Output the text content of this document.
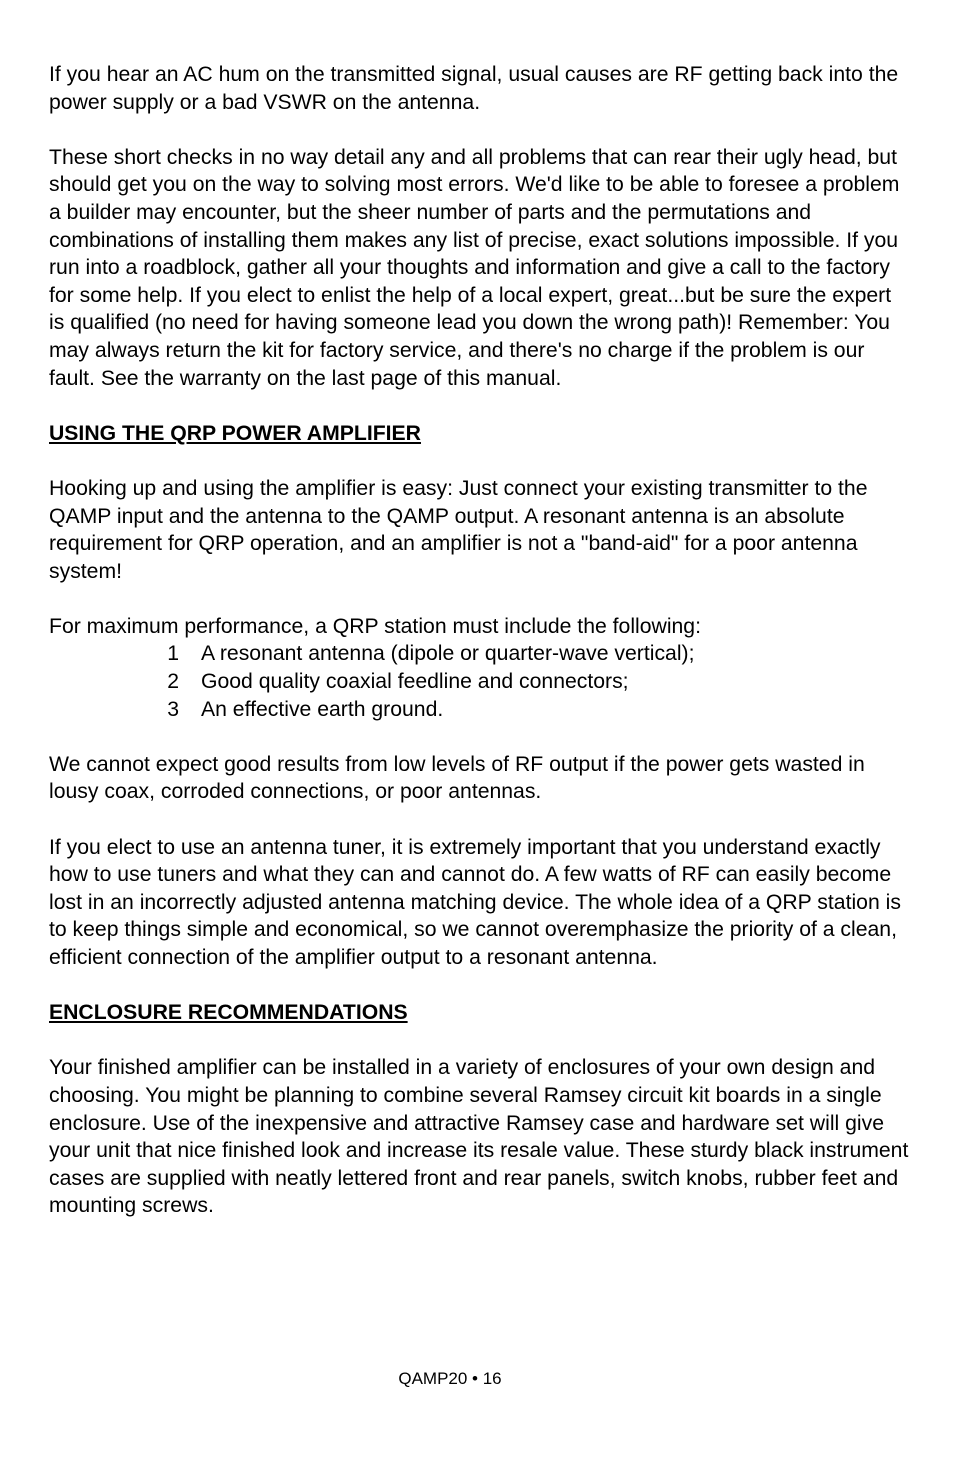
If you hear an AC hum on the transmitted signal, usual causes are RF getting back into the power supply or a bad VSWR on the antenna.

These short checks in no way detail any and all problems that can rear their ugly head, but should get you on the way to solving most errors. We'd like to be able to foresee a problem a builder may encounter, but the sheer number of parts and the permutations and combinations of installing them makes any list of precise, exact solutions impossible. If you run into a roadblock, gather all your thoughts and information and give a call to the factory for some help. If you elect to enlist the help of a local expert, great...but be sure the expert is qualified (no need for having someone lead you down the wrong path)! Remember: You may always return the kit for factory service, and there's no charge if the problem is our fault. See the warranty on the last page of this manual.

USING THE QRP POWER AMPLIFIER

Hooking up and using the amplifier is easy: Just connect your existing transmitter to the QAMP input and the antenna to the QAMP output. A resonant antenna is an absolute requirement for QRP operation, and an amplifier is not a "band-aid" for a poor antenna system!

For maximum performance, a QRP station must include the following:

1	A resonant antenna (dipole or quarter-wave vertical);
2	Good quality coaxial feedline and connectors;
3	An effective earth ground.

We cannot expect good results from low levels of RF output if the power gets wasted in lousy coax, corroded connections, or poor antennas.

If you elect to use an antenna tuner, it is extremely important that you understand exactly how to use tuners and what they can and cannot do. A few watts of RF can easily become lost in an incorrectly adjusted antenna matching device. The whole idea of a QRP station is to keep things simple and economical, so we cannot overemphasize the priority of a clean, efficient connection of the amplifier output to a resonant antenna.

ENCLOSURE RECOMMENDATIONS

Your finished amplifier can be installed in a variety of enclosures of your own design and choosing. You might be planning to combine several Ramsey circuit kit boards in a single enclosure. Use of the inexpensive and attractive Ramsey case and hardware set will give your unit that nice finished look and increase its resale value. These sturdy black instrument cases are supplied with neatly lettered front and rear panels, switch knobs, rubber feet and mounting screws.

QAMP20 • 16
